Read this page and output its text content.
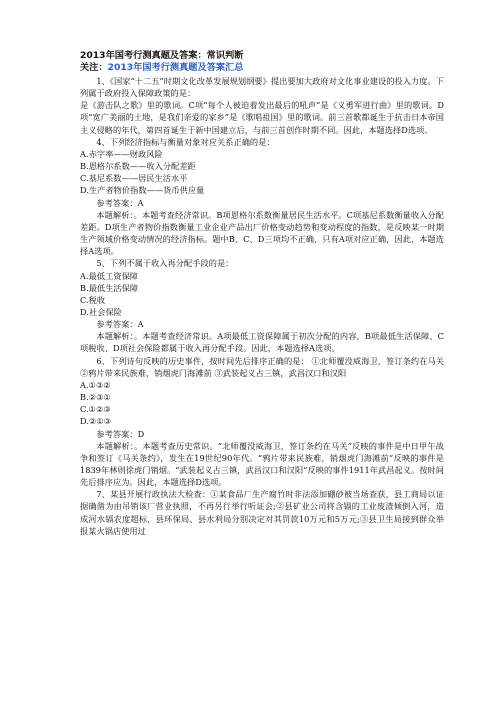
2013年国考行测真题及答案：常识判断

关注：2013年国考行测真题及答案汇总

1、《国家“十二五”时期文化改革发展规划纲要》提出要加大政府对文化事业建设的投入力度。下列属于政府投入保障政策的是：

是《游击队之歌》里的歌词。C项“每个人被迫着发出最后的吼声”是《义勇军进行曲》里的歌词。D项“宽广美丽的土地，是我们亲爱的家乡”是《歌唱祖国》里的歌词。前三首歌都诞生于抗击日本帝国主义侵略的年代，第四首诞生于新中国建立后，与前三首创作时期不同。因此，本题选择D选项。

4、下列经济指标与衡量对象对应关系正确的是：

A.赤字率——财政风险

B.恩格尔系数——收入分配差距

C.基尼系数——居民生活水平

D.生产者物价指数——货币供应量

参考答案：A

本题解析：。本题考查经济常识。B项恩格尔系数衡量居民生活水平。C项基尼系数衡量收入分配差距。D项生产者物价指数衡量工业企业产品出厂价格变动趋势和变动程度的指数，是反映某一时期生产领域价格变动情况的经济指标。题中B、C、D三项均不正确，只有A项对应正确，因此，本题选择A选项。

5、下列不属于收入再分配手段的是：

A.最低工资保障

B.最低生活保障

C.税收

D.社会保险

参考答案：A

本题解析：。本题考查经济常识。A项最低工资保障属于初次分配的内容，B项最低生活保障、C项税收、D项社会保险都属于收入再分配手段。因此，本题选择A选项。

6、下列诗句反映的历史事件，按时间先后排序正确的是： ①北师覆没威海卫，签订条约在马关 ②鸦片带来民族难，销烟虎门海滩前 ③武装起义占三镇，武昌汉口和汉阳

A.①③②

B.②③①

C.①②③

D.②①③

参考答案：D

本题解析：。本题考查历史常识。“北师覆没威海卫，签订条约在马关”反映的事件是中日甲午战争和签订《马关条约》，发生在19世纪90年代。“鸦片带来民族难，销烟虎门海滩前”反映的事件是1839年林则徐虎门销烟。“武装起义占三镇，武昌汉口和汉阳”反映的事件1911年武昌起义。按时间先后排序应为。因此，本题选择D选项。

7、某县开展行政执法大检查：①某食品厂生产腐竹时非法添加硼砂被当场查获，县工商局以证据确凿为由吊销该厂营业执照，不再另行举行听证会;②县矿业公司将含镉的工业废渣倾倒入河，造成河水镉农度超标，县环保局、县水利局分别决定对其罚款10万元和5万元;③县卫生局接到群众举报某火锅店使用过
